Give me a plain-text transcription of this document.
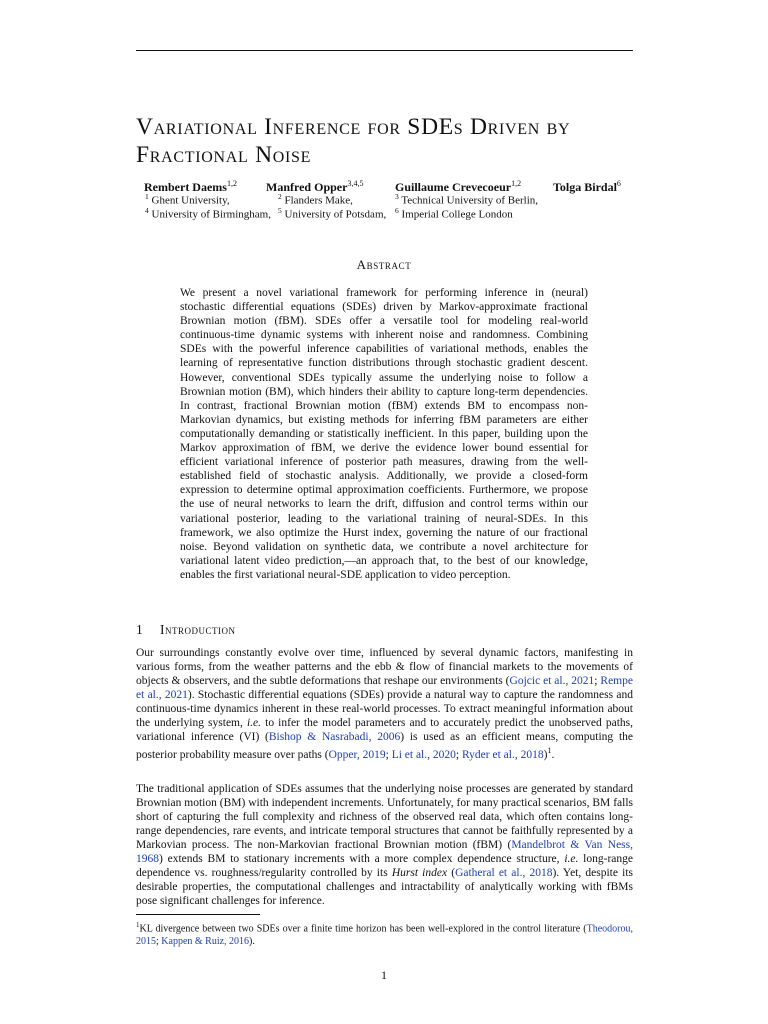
Variational Inference for SDEs Driven by Fractional Noise
Rembert Daems$^{1,2}$ Manfred Opper$^{3,4,5}$	Guillaume Crevecoeur$^{1,2}$	Tolga Birdal$^6$
$^1$ Ghent University,	$^2$ Flanders Make,	$^3$ Technical University of Berlin,
$^4$ University of Birmingham, $^5$ University of Potsdam, $^6$ Imperial College London
Abstract

We present a novel variational framework for performing inference in (neural) stochastic differential equations (SDEs) driven by Markov-approximate fractional Brownian motion (fBM). SDEs offer a versatile tool for modeling real-world continuous-time dynamic systems with inherent noise and randomness. Combining SDEs with the powerful inference capabilities of variational methods, enables the learning of representative function distributions through stochastic gradient descent. However, conventional SDEs typically assume the underlying noise to follow a Brownian motion (BM), which hinders their ability to capture long-term dependencies. In contrast, fractional Brownian motion (fBM) extends BM to encompass non-Markovian dynamics, but existing methods for inferring fBM parameters are either computationally demanding or statistically inefficient. In this paper, building upon the Markov approximation of fBM, we derive the evidence lower bound essential for efficient variational inference of posterior path measures, drawing from the well-established field of stochastic analysis. Additionally, we provide a closed-form expression to determine optimal approximation coefficients. Furthermore, we propose the use of neural networks to learn the drift, diffusion and control terms within our variational posterior, leading to the variational training of neural-SDEs. In this framework, we also optimize the Hurst index, governing the nature of our fractional noise. Beyond validation on synthetic data, we contribute a novel architecture for variational latent video prediction,—an approach that, to the best of our knowledge, enables the first variational neural-SDE application to video perception.

1 Introduction

Our surroundings constantly evolve over time, influenced by several dynamic factors, manifesting in various forms, from the weather patterns and the ebb & flow of financial markets to the movements of objects & observers, and the subtle deformations that reshape our environments (Gojcic et al., 2021; Rempe et al., 2021). Stochastic differential equations (SDEs) provide a natural way to capture the randomness and continuous-time dynamics inherent in these real-world processes. To extract meaningful information about the underlying system, i.e. to infer the model parameters and to accurately predict the unobserved paths, variational inference (VI) (Bishop & Nasrabadi, 2006) is used as an efficient means, computing the posterior probability measure over paths (Opper, 2019; Li et al., 2020; Ryder et al., 2018)$^1$.

The traditional application of SDEs assumes that the underlying noise processes are generated by standard Brownian motion (BM) with independent increments. Unfortunately, for many practical scenarios, BM falls short of capturing the full complexity and richness of the observed real data, which often contains long-range dependencies, rare events, and intricate temporal structures that cannot be faithfully represented by a Markovian process. The non-Markovian fractional Brownian motion (fBM) (Mandelbrot & Van Ness, 1968) extends BM to stationary increments with a more complex dependence structure, i.e. long-range dependence vs. roughness/regularity controlled by its Hurst index (Gatheral et al., 2018). Yet, despite its desirable properties, the computational challenges and intractability of analytically working with fBMs pose significant challenges for inference.

$^1$KL divergence between two SDEs over a finite time horizon has been well-explored in the control literature (Theodorou, 2015; Kappen & Ruiz, 2016).

1
